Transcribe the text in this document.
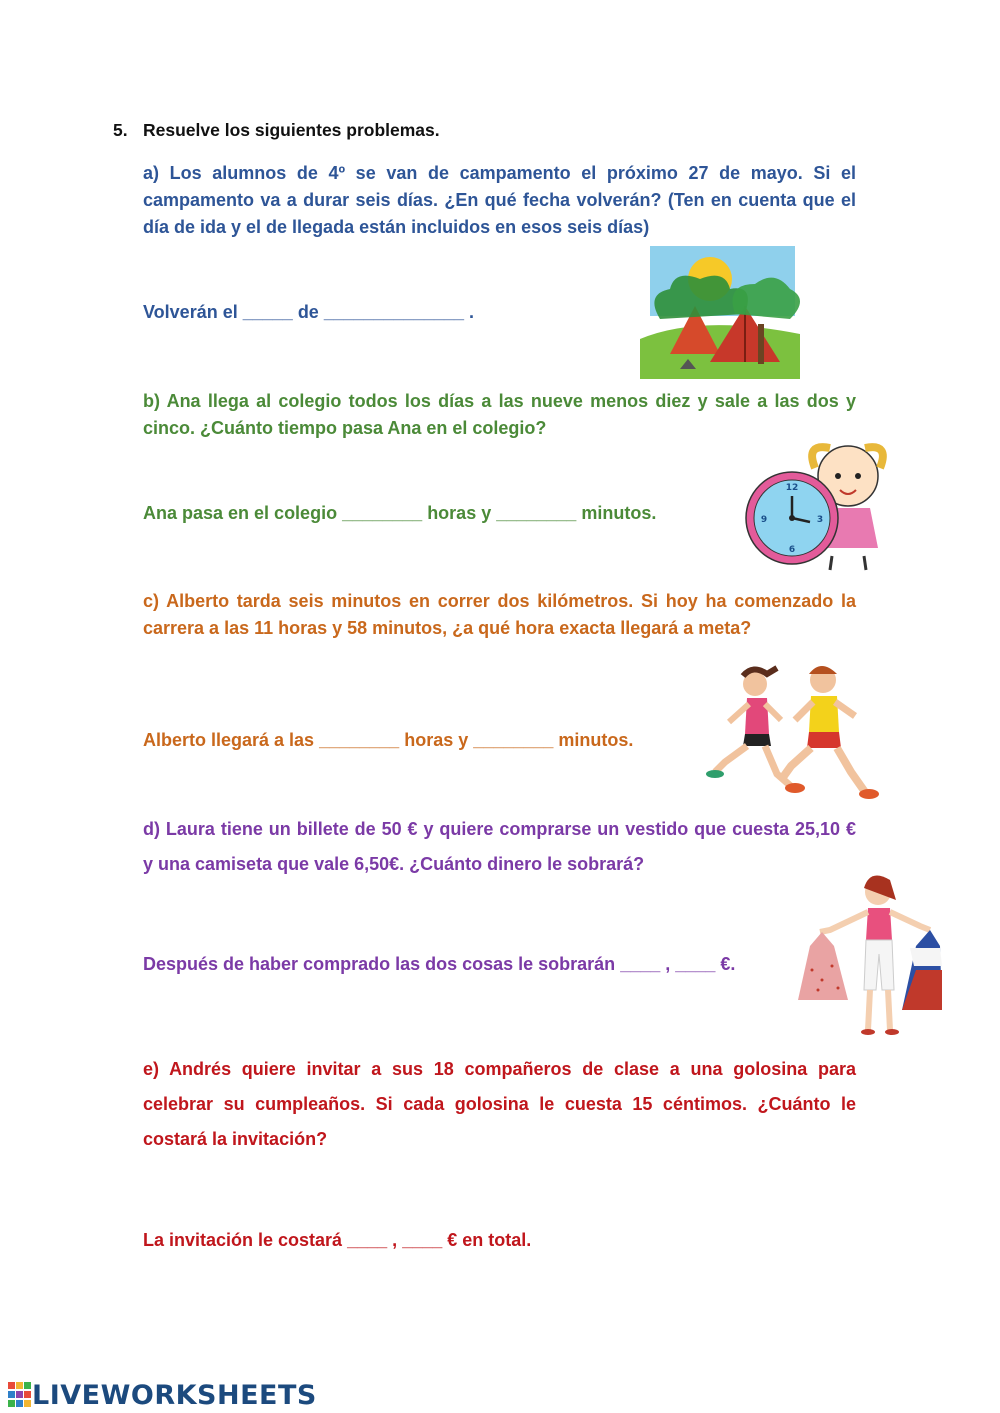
5. Resuelve los siguientes problemas.
a) Los alumnos de 4º se van de campamento el próximo 27 de mayo. Si el campamento va a durar seis días. ¿En qué fecha volverán? (Ten en cuenta que el día de ida y el de llegada están incluidos en esos seis días)
Volverán el _____ de ______________ .
b) Ana llega al colegio todos los días a las nueve menos diez y sale a las dos y cinco. ¿Cuánto tiempo pasa Ana en el colegio?
Ana pasa en el colegio ________ horas y ________ minutos.
12
3
6
9
c) Alberto tarda seis minutos en correr dos kilómetros. Si hoy ha comenzado la carrera a las 11 horas y 58 minutos, ¿a qué hora exacta llegará a meta?
Alberto llegará a las ________ horas y ________ minutos.
d) Laura tiene un billete de 50 € y quiere comprarse un vestido que cuesta 25,10 € y una camiseta que vale 6,50€. ¿Cuánto dinero le sobrará?
Después de haber comprado las dos cosas le sobrarán ____ , ____ €.
e) Andrés quiere invitar a sus 18 compañeros de clase a una golosina para celebrar su cumpleaños. Si cada golosina le cuesta 15 céntimos. ¿Cuánto le costará la invitación?
La invitación le costará ____ , ____ € en total.
LIVEWORKSHEETS
